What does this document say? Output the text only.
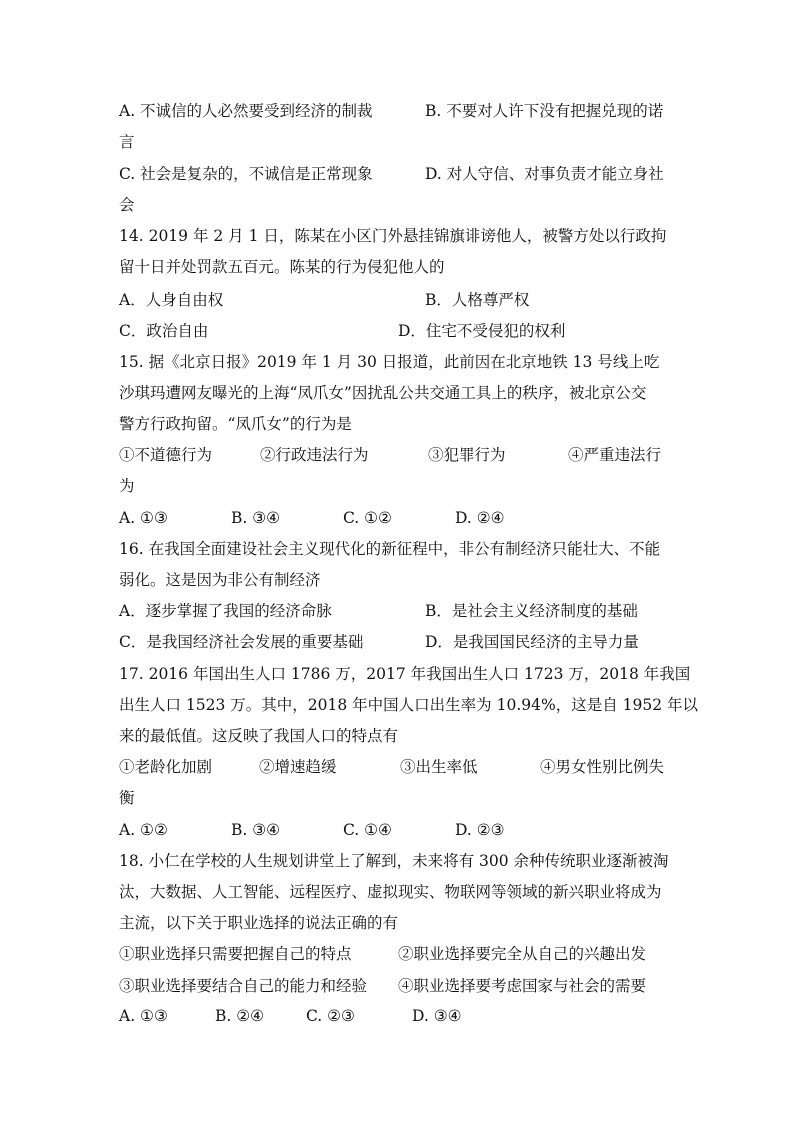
A. 不诚信的人必然要受到经济的制裁	B. 不要对人许下没有把握兑现的诺
言
C. 社会是复杂的，不诚信是正常现象	D. 对人守信、对事负责才能立身社
会
14. 2019 年 2 月 1 日，陈某在小区门外悬挂锦旗诽谤他人，被警方处以行政拘
留十日并处罚款五百元。陈某的行为侵犯他人的
A．人身自由权	B．人格尊严权
C．政治自由	D．住宅不受侵犯的权利
15. 据《北京日报》2019 年 1 月 30 日报道，此前因在北京地铁 13 号线上吃
沙琪玛遭网友曝光的上海“凤爪女”因扰乱公共交通工具上的秩序，被北京公交
警方行政拘留。“凤爪女”的行为是
①不道德行为	②行政违法行为	③犯罪行为	④严重违法行
为
A. ①③	B. ③④	C. ①②	D. ②④
16. 在我国全面建设社会主义现代化的新征程中，非公有制经济只能壮大、不能
弱化。这是因为非公有制经济
A．逐步掌握了我国的经济命脉	B．是社会主义经济制度的基础
C．是我国经济社会发展的重要基础	D．是我国国民经济的主导力量
17. 2016 年国出生人口 1786 万，2017 年我国出生人口 1723 万，2018 年我国
出生人口 1523 万。其中，2018 年中国人口出生率为 10.94%，这是自 1952 年以
来的最低值。这反映了我国人口的特点有
①老龄化加剧	②增速趋缓	③出生率低	④男女性别比例失
衡
A. ①②	B. ③④	C. ①④	D. ②③
18. 小仁在学校的人生规划讲堂上了解到，未来将有 300 余种传统职业逐渐被淘
汰，大数据、人工智能、远程医疗、虚拟现实、物联网等领域的新兴职业将成为
主流，以下关于职业选择的说法正确的有
①职业选择只需要把握自己的特点	②职业选择要完全从自己的兴趣出发
③职业选择要结合自己的能力和经验 ④职业选择要考虑国家与社会的需要
A. ①③	B. ②④	C. ②③	D. ③④
